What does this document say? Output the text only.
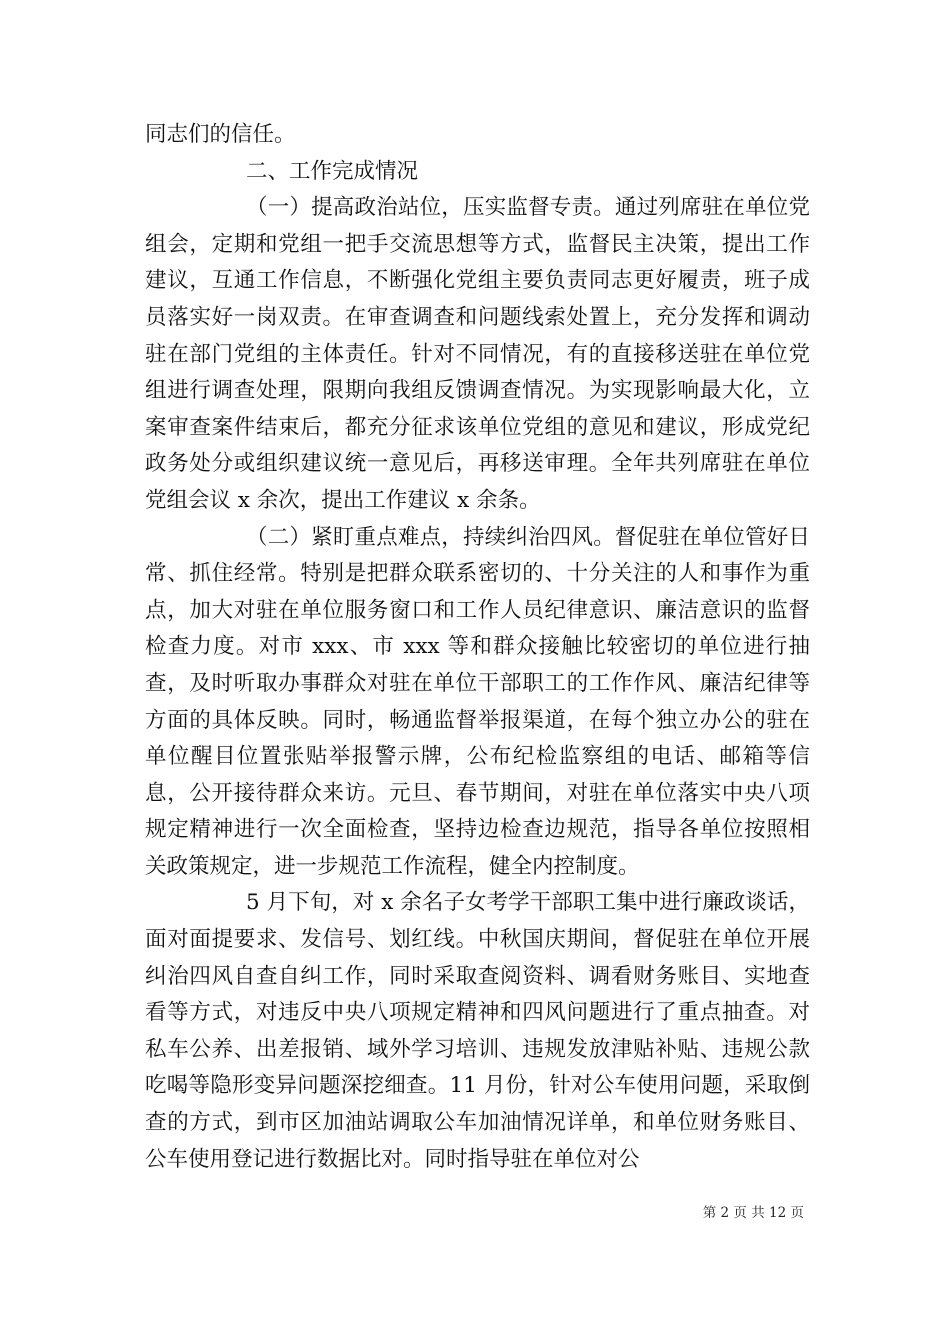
同志们的信任。

二、工作完成情况

（一）提高政治站位，压实监督专责。通过列席驻在单位党组会，定期和党组一把手交流思想等方式，监督民主决策，提出工作建议，互通工作信息，不断强化党组主要负责同志更好履责，班子成员落实好一岗双责。在审查调查和问题线索处置上，充分发挥和调动驻在部门党组的主体责任。针对不同情况，有的直接移送驻在单位党组进行调查处理，限期向我组反馈调查情况。为实现影响最大化，立案审查案件结束后，都充分征求该单位党组的意见和建议，形成党纪政务处分或组织建议统一意见后，再移送审理。全年共列席驻在单位党组会议 x 余次，提出工作建议 x 余条。

（二）紧盯重点难点，持续纠治四风。督促驻在单位管好日常、抓住经常。特别是把群众联系密切的、十分关注的人和事作为重点，加大对驻在单位服务窗口和工作人员纪律意识、廉洁意识的监督检查力度。对市 xxx、市 xxx 等和群众接触比较密切的单位进行抽查，及时听取办事群众对驻在单位干部职工的工作作风、廉洁纪律等方面的具体反映。同时，畅通监督举报渠道，在每个独立办公的驻在单位醒目位置张贴举报警示牌，公布纪检监察组的电话、邮箱等信息，公开接待群众来访。元旦、春节期间，对驻在单位落实中央八项规定精神进行一次全面检查，坚持边检查边规范，指导各单位按照相关政策规定，进一步规范工作流程，健全内控制度。

5 月下旬，对 x 余名子女考学干部职工集中进行廉政谈话，面对面提要求、发信号、划红线。中秋国庆期间，督促驻在单位开展纠治四风自查自纠工作，同时采取查阅资料、调看财务账目、实地查看等方式，对违反中央八项规定精神和四风问题进行了重点抽查。对私车公养、出差报销、域外学习培训、违规发放津贴补贴、违规公款吃喝等隐形变异问题深挖细查。11 月份，针对公车使用问题，采取倒查的方式，到市区加油站调取公车加油情况详单，和单位财务账目、公车使用登记进行数据比对。同时指导驻在单位对公

第 2 页 共 12 页
